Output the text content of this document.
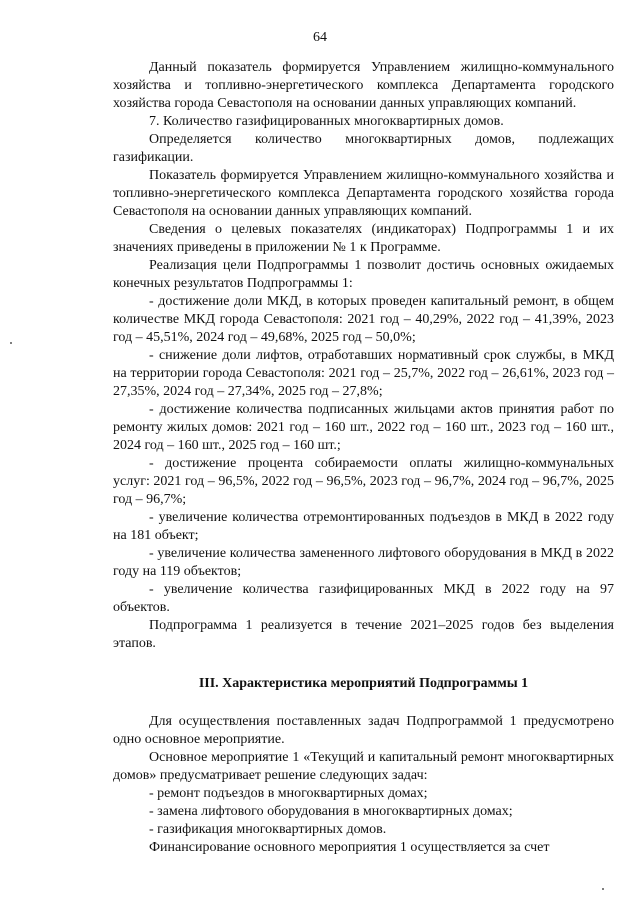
64

Данный показатель формируется Управлением жилищно-коммунального хозяйства и топливно-энергетического комплекса Департамента городского хозяйства города Севастополя на основании данных управляющих компаний.

7. Количество газифицированных многоквартирных домов.

Определяется количество многоквартирных домов, подлежащих газификации.

Показатель формируется Управлением жилищно-коммунального хозяйства и топливно-энергетического комплекса Департамента городского хозяйства города Севастополя на основании данных управляющих компаний.

Сведения о целевых показателях (индикаторах) Подпрограммы 1 и их значениях приведены в приложении № 1 к Программе.

Реализация цели Подпрограммы 1 позволит достичь основных ожидаемых конечных результатов Подпрограммы 1:

- достижение доли МКД, в которых проведен капитальный ремонт, в общем количестве МКД города Севастополя: 2021 год – 40,29%, 2022 год – 41,39%, 2023 год – 45,51%, 2024 год – 49,68%, 2025 год – 50,0%;

- снижение доли лифтов, отработавших нормативный срок службы, в МКД на территории города Севастополя: 2021 год – 25,7%, 2022 год – 26,61%, 2023 год – 27,35%, 2024 год – 27,34%, 2025 год – 27,8%;

- достижение количества подписанных жильцами актов принятия работ по ремонту жилых домов: 2021 год – 160 шт., 2022 год – 160 шт., 2023 год – 160 шт., 2024 год – 160 шт., 2025 год – 160 шт.;

- достижение процента собираемости оплаты жилищно-коммунальных услуг: 2021 год – 96,5%, 2022 год – 96,5%, 2023 год – 96,7%, 2024 год – 96,7%, 2025 год – 96,7%;

- увеличение количества отремонтированных подъездов в МКД в 2022 году на 181 объект;

- увеличение количества замененного лифтового оборудования в МКД в 2022 году на 119 объектов;

- увеличение количества газифицированных МКД в 2022 году на 97 объектов.

Подпрограмма 1 реализуется в течение 2021–2025 годов без выделения этапов.

III. Характеристика мероприятий Подпрограммы 1

Для осуществления поставленных задач Подпрограммой 1 предусмотрено одно основное мероприятие.

Основное мероприятие 1 «Текущий и капитальный ремонт многоквартирных домов» предусматривает решение следующих задач:

- ремонт подъездов в многоквартирных домах;

- замена лифтового оборудования в многоквартирных домах;

- газификация многоквартирных домов.

Финансирование основного мероприятия 1 осуществляется за счет
